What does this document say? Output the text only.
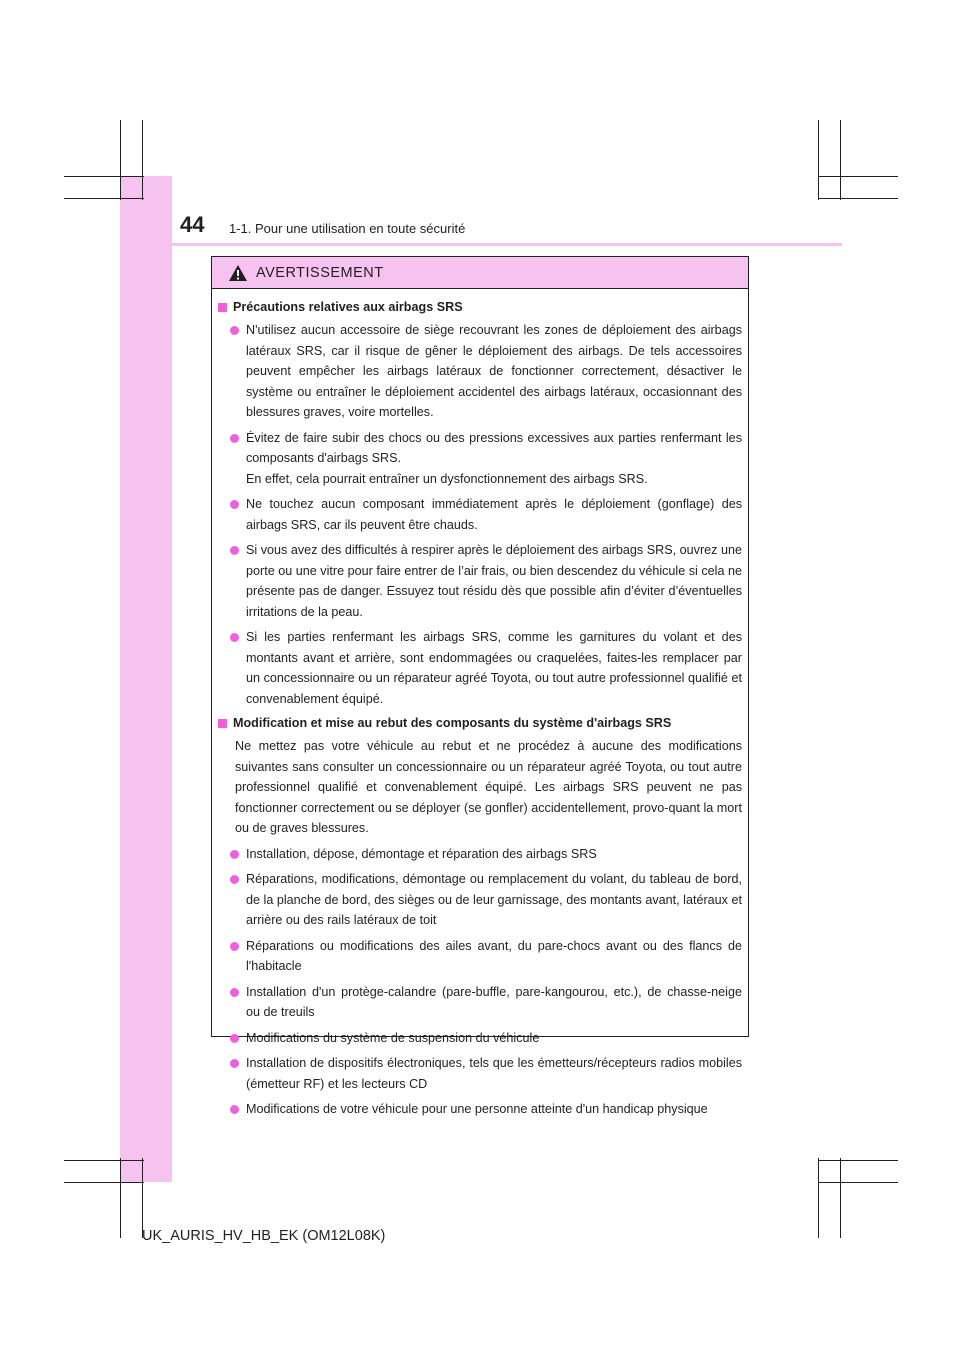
44 1-1. Pour une utilisation en toute sécurité
AVERTISSEMENT
Précautions relatives aux airbags SRS
N'utilisez aucun accessoire de siège recouvrant les zones de déploiement des airbags latéraux SRS, car il risque de gêner le déploiement des airbags. De tels accessoires peuvent empêcher les airbags latéraux de fonctionner correctement, désactiver le système ou entraîner le déploiement accidentel des airbags latéraux, occasionnant des blessures graves, voire mortelles.
Évitez de faire subir des chocs ou des pressions excessives aux parties renfermant les composants d'airbags SRS.
En effet, cela pourrait entraîner un dysfonctionnement des airbags SRS.
Ne touchez aucun composant immédiatement après le déploiement (gonflage) des airbags SRS, car ils peuvent être chauds.
Si vous avez des difficultés à respirer après le déploiement des airbags SRS, ouvrez une porte ou une vitre pour faire entrer de l’air frais, ou bien descendez du véhicule si cela ne présente pas de danger. Essuyez tout résidu dès que possible afin d’éviter d’éventuelles irritations de la peau.
Si les parties renfermant les airbags SRS, comme les garnitures du volant et des montants avant et arrière, sont endommagées ou craquelées, faites-les remplacer par un concessionnaire ou un réparateur agréé Toyota, ou tout autre professionnel qualifié et convenablement équipé.
Modification et mise au rebut des composants du système d'airbags SRS

Ne mettez pas votre véhicule au rebut et ne procédez à aucune des modifications suivantes sans consulter un concessionnaire ou un réparateur agréé Toyota, ou tout autre professionnel qualifié et convenablement équipé. Les airbags SRS peuvent ne pas fonctionner correctement ou se déployer (se gonfler) accidentellement, provo-quant la mort ou de graves blessures.

Installation, dépose, démontage et réparation des airbags SRS
Réparations, modifications, démontage ou remplacement du volant, du tableau de bord, de la planche de bord, des sièges ou de leur garnissage, des montants avant, latéraux et arrière ou des rails latéraux de toit
Réparations ou modifications des ailes avant, du pare-chocs avant ou des flancs de l'habitacle
Installation d'un protège-calandre (pare-buffle, pare-kangourou, etc.), de chasse-neige ou de treuils
Modifications du système de suspension du véhicule
Installation de dispositifs électroniques, tels que les émetteurs/récepteurs radios mobiles (émetteur RF) et les lecteurs CD
Modifications de votre véhicule pour une personne atteinte d'un handicap physique
UK_AURIS_HV_HB_EK (OM12L08K)
